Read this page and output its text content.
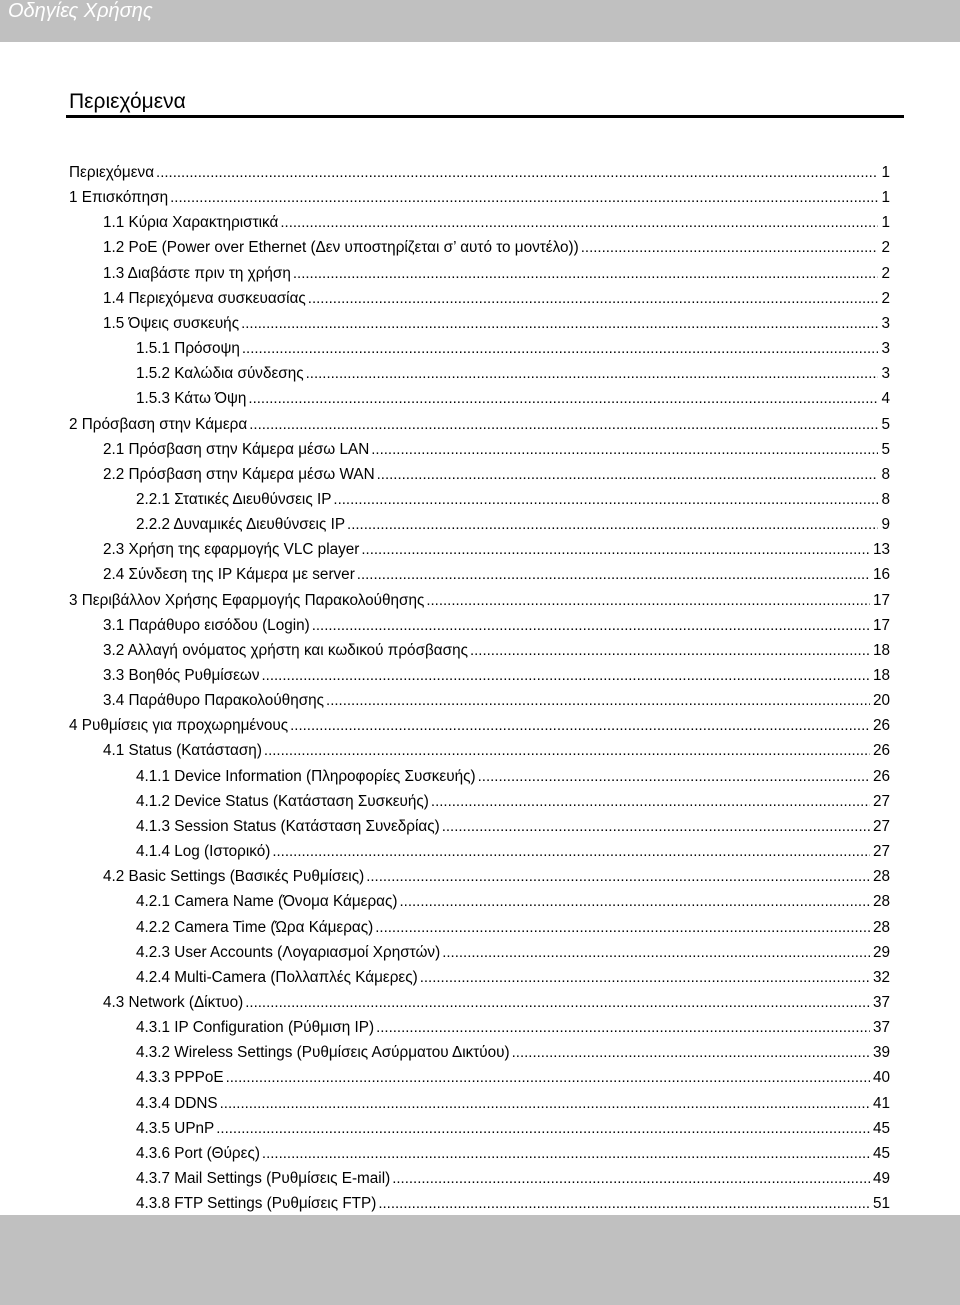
Οδηγίες Χρήσης
Περιεχόμενα
Περιεχόμενα .....	1
1 Επισκόπηση .....	1
1.1 Κύρια Χαρακτηριστικά .....	1
1.2 PoE (Power over Ethernet (Δεν υποστηρίζεται σ’ αυτό το μοντέλο)) .....	2
1.3 Διαβάστε πριν τη χρήση .....	2
1.4 Περιεχόμενα συσκευασίας .....	2
1.5 Όψεις συσκευής .....	3
1.5.1 Πρόσοψη .....	3
1.5.2 Καλώδια σύνδεσης .....	3
1.5.3 Κάτω Όψη .....	4
2 Πρόσβαση στην Κάμερα .....	5
2.1 Πρόσβαση στην Κάμερα μέσω LAN .....	5
2.2 Πρόσβαση στην Κάμερα μέσω WAN .....	8
2.2.1 Στατικές Διευθύνσεις IP .....	8
2.2.2 Δυναμικές Διευθύνσεις IP .....	9
2.3 Χρήση της εφαρμογής VLC player .....	13
2.4 Σύνδεση της IP Κάμερα με server .....	16
3 Περιβάλλον Χρήσης Εφαρμογής Παρακολούθησης .....	17
3.1 Παράθυρο εισόδου (Login) .....	17
3.2 Αλλαγή ονόματος χρήστη και κωδικού πρόσβασης .....	18
3.3 Βοηθός Ρυθμίσεων .....	18
3.4 Παράθυρο Παρακολούθησης .....	20
4 Ρυθμίσεις για προχωρημένους .....	26
4.1 Status (Κατάσταση) .....	26
4.1.1 Device Information (Πληροφορίες Συσκευής) .....	26
4.1.2 Device Status (Κατάσταση Συσκευής) .....	27
4.1.3 Session Status (Κατάσταση Συνεδρίας) .....	27
4.1.4 Log (Ιστορικό) .....	27
4.2 Basic Settings (Βασικές Ρυθμίσεις) .....	28
4.2.1 Camera Name (Όνομα Κάμερας) .....	28
4.2.2 Camera Time (Ώρα Κάμερας) .....	28
4.2.3 User Accounts (Λογαριασμοί Χρηστών) .....	29
4.2.4 Multi-Camera (Πολλαπλές Κάμερες) .....	32
4.3 Network (Δίκτυο) .....	37
4.3.1 IP Configuration (Ρύθμιση IP) .....	37
4.3.2 Wireless Settings (Ρυθμίσεις Ασύρματου Δικτύου) .....	39
4.3.3 PPPoE .....	40
4.3.4 DDNS .....	41
4.3.5 UPnP .....	45
4.3.6 Port (Θύρες) .....	45
4.3.7 Mail Settings (Ρυθμίσεις E-mail) .....	49
4.3.8 FTP Settings (Ρυθμίσεις FTP) .....	51
